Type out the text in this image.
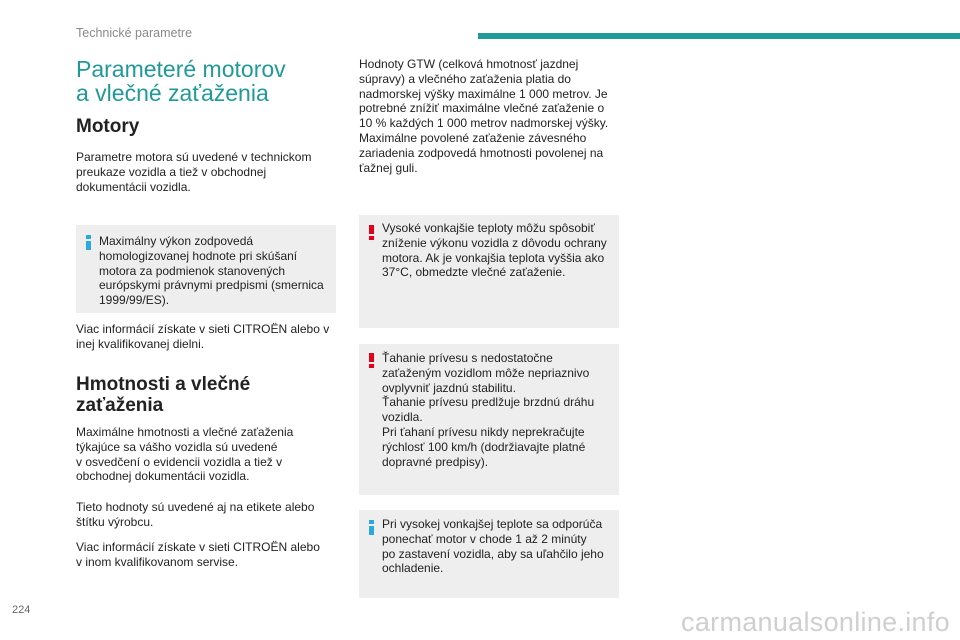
Technické parametre
Parameteré motorov
a vlečné zaťaženia
Motory

Parametre motora sú uvedené v technickom
preukaze vozidla a tiež v obchodnej
dokumentácii vozidla.

Maximálny výkon zodpovedá
homologizovanej hodnote pri skúšaní
motora za podmienok stanovených
európskymi právnymi predpismi (smernica
1999/99/ES).

Viac informácií získate v sieti CITROËN alebo v
inej kvalifikovanej dielni.

Hmotnosti a vlečné
zaťaženia

Maximálne hmotnosti a vlečné zaťaženia
týkajúce sa vášho vozidla sú uvedené
v osvedčení o evidencii vozidla a tiež v
obchodnej dokumentácii vozidla.

Tieto hodnoty sú uvedené aj na etikete alebo
štítku výrobcu.

Viac informácií získate v sieti CITROËN alebo
v inom kvalifikovanom servise.

Hodnoty GTW (celková hmotnosť jazdnej
súpravy) a vlečného zaťaženia platia do
nadmorskej výšky maximálne 1 000 metrov. Je
potrebné znížiť maximálne vlečné zaťaženie o
10 % každých 1 000 metrov nadmorskej výšky.
Maximálne povolené zaťaženie závesného
zariadenia zodpovedá hmotnosti povolenej na
ťažnej guli.

Vysoké vonkajšie teploty môžu spôsobiť
zníženie výkonu vozidla z dôvodu ochrany
motora. Ak je vonkajšia teplota vyššia ako
37°C, obmedzte vlečné zaťaženie.

Ťahanie prívesu s nedostatočne
zaťaženým vozidlom môže nepriaznivo
ovplyvniť jazdnú stabilitu.
Ťahanie prívesu predlžuje brzdnú dráhu
vozidla.
Pri ťahaní prívesu nikdy neprekračujte
rýchlosť 100 km/h (dodržiavajte platné
dopravné predpisy).

Pri vysokej vonkajšej teplote sa odporúča
ponechať motor v chode 1 až 2 minúty
po zastavení vozidla, aby sa uľahčilo jeho
ochladenie.

224	carmanualsonline.info
